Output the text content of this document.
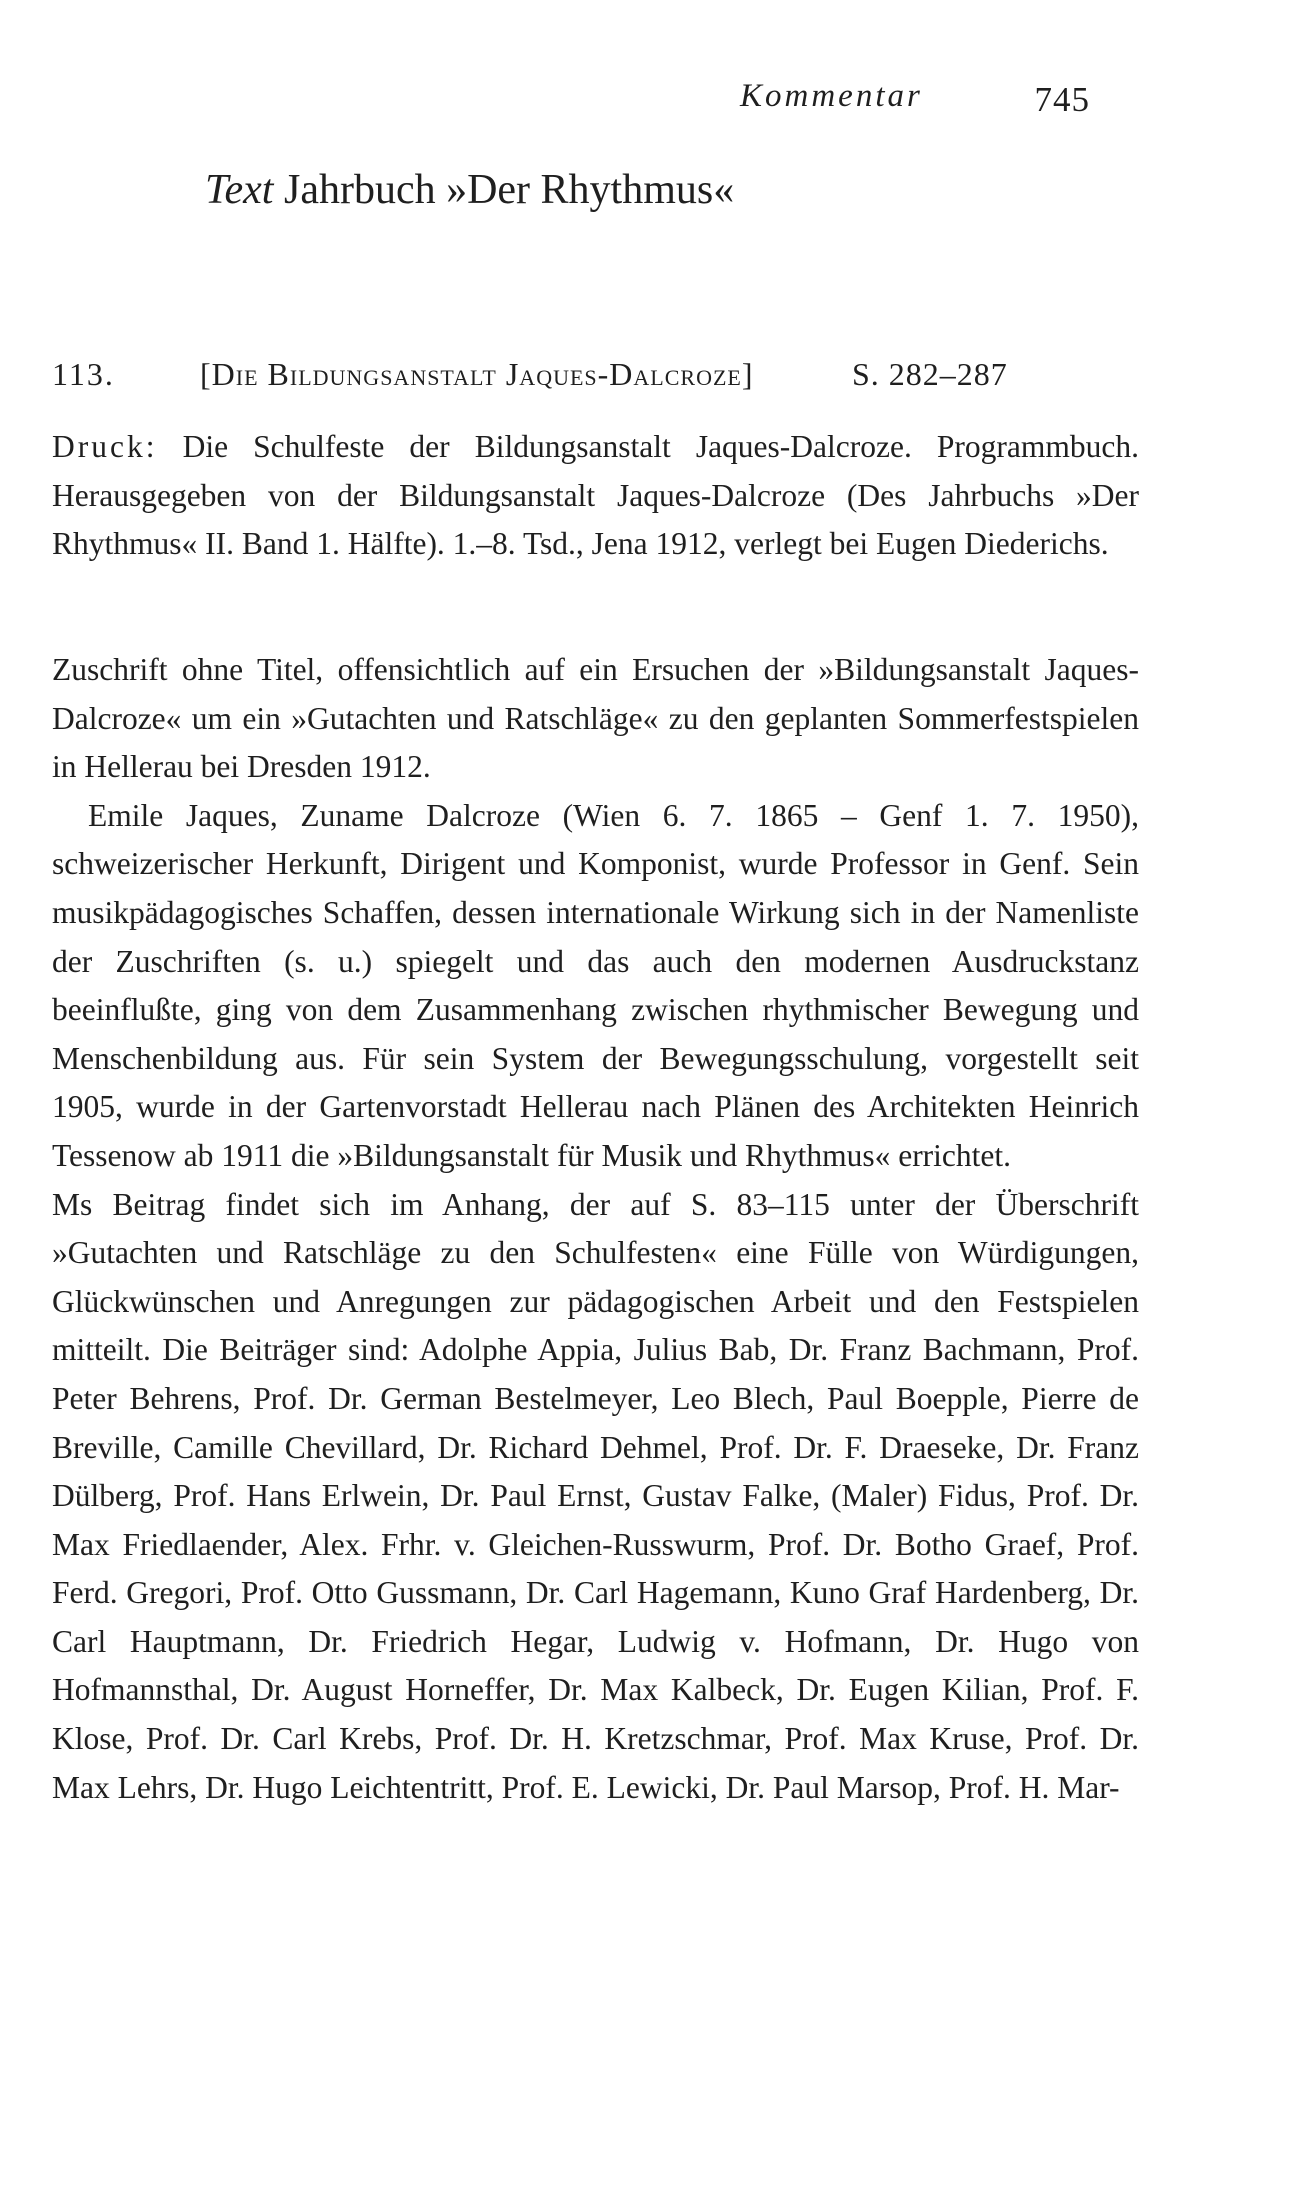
Kommentar	745
Text Jahrbuch »Der Rhythmus«
113.	[Die Bildungsanstalt Jaques-Dalcroze]	S. 282–287

Druck: Die Schulfeste der Bildungsanstalt Jaques-Dalcroze. Programmbuch. Herausgegeben von der Bildungsanstalt Jaques-Dalcroze (Des Jahrbuchs »Der Rhythmus« II. Band 1. Hälfte). 1.–8. Tsd., Jena 1912, verlegt bei Eugen Diederichs.

Zuschrift ohne Titel, offensichtlich auf ein Ersuchen der »Bildungsanstalt Jaques-Dalcroze« um ein »Gutachten und Ratschläge« zu den geplanten Sommerfestspielen in Hellerau bei Dresden 1912.

Emile Jaques, Zuname Dalcroze (Wien 6. 7. 1865 – Genf 1. 7. 1950), schweizerischer Herkunft, Dirigent und Komponist, wurde Professor in Genf. Sein musikpädagogisches Schaffen, dessen internationale Wirkung sich in der Namenliste der Zuschriften (s. u.) spiegelt und das auch den modernen Ausdruckstanz beeinflußte, ging von dem Zusammenhang zwischen rhythmischer Bewegung und Menschenbildung aus. Für sein System der Bewegungsschulung, vorgestellt seit 1905, wurde in der Gartenvorstadt Hellerau nach Plänen des Architekten Heinrich Tessenow ab 1911 die »Bildungsanstalt für Musik und Rhythmus« errichtet.

Ms Beitrag findet sich im Anhang, der auf S. 83–115 unter der Überschrift »Gutachten und Ratschläge zu den Schulfesten« eine Fülle von Würdigungen, Glückwünschen und Anregungen zur pädagogischen Arbeit und den Festspielen mitteilt. Die Beiträger sind: Adolphe Appia, Julius Bab, Dr. Franz Bachmann, Prof. Peter Behrens, Prof. Dr. German Bestelmeyer, Leo Blech, Paul Boepple, Pierre de Breville, Camille Chevillard, Dr. Richard Dehmel, Prof. Dr. F. Draeseke, Dr. Franz Dülberg, Prof. Hans Erlwein, Dr. Paul Ernst, Gustav Falke, (Maler) Fidus, Prof. Dr. Max Friedlaender, Alex. Frhr. v. Gleichen-Russwurm, Prof. Dr. Botho Graef, Prof. Ferd. Gregori, Prof. Otto Gussmann, Dr. Carl Hagemann, Kuno Graf Hardenberg, Dr. Carl Hauptmann, Dr. Friedrich Hegar, Ludwig v. Hofmann, Dr. Hugo von Hofmannsthal, Dr. August Horneffer, Dr. Max Kalbeck, Dr. Eugen Kilian, Prof. F. Klose, Prof. Dr. Carl Krebs, Prof. Dr. H. Kretzschmar, Prof. Max Kruse, Prof. Dr. Max Lehrs, Dr. Hugo Leichtentritt, Prof. E. Lewicki, Dr. Paul Marsop, Prof. H. Mar-
